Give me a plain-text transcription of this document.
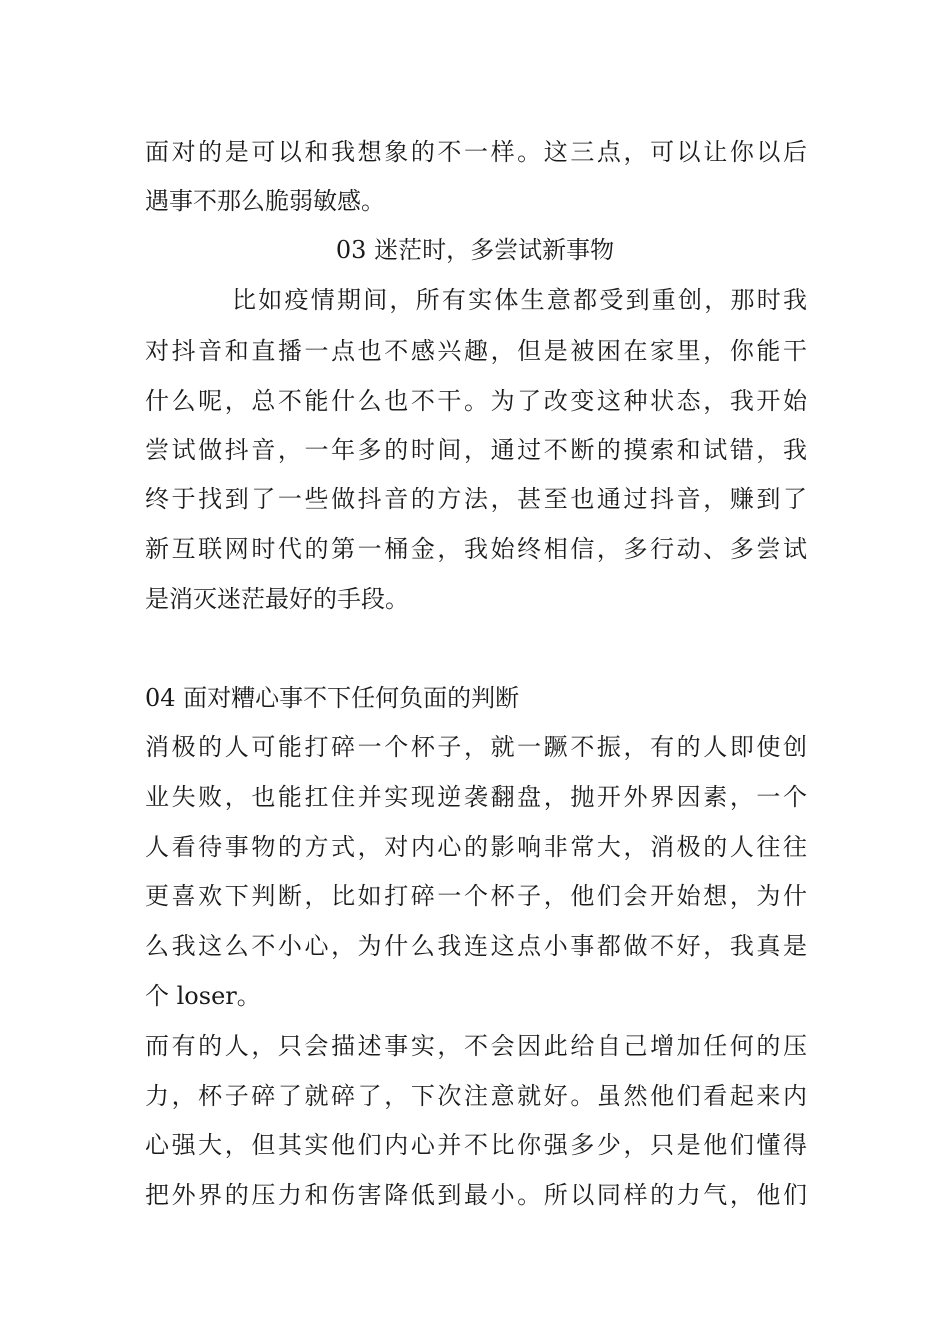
面对的是可以和我想象的不一样。这三点，可以让你以后
遇事不那么脆弱敏感。
03 迷茫时，多尝试新事物
比如疫情期间，所有实体生意都受到重创，那时我
对抖音和直播一点也不感兴趣，但是被困在家里，你能干
什么呢，总不能什么也不干。为了改变这种状态，我开始
尝试做抖音，一年多的时间，通过不断的摸索和试错，我
终于找到了一些做抖音的方法，甚至也通过抖音，赚到了
新互联网时代的第一桶金，我始终相信，多行动、多尝试
是消灭迷茫最好的手段。
04 面对糟心事不下任何负面的判断
消极的人可能打碎一个杯子，就一蹶不振，有的人即使创
业失败，也能扛住并实现逆袭翻盘，抛开外界因素，一个
人看待事物的方式，对内心的影响非常大，消极的人往往
更喜欢下判断，比如打碎一个杯子，他们会开始想，为什
么我这么不小心，为什么我连这点小事都做不好，我真是
个 loser。
而有的人，只会描述事实，不会因此给自己增加任何的压
力，杯子碎了就碎了，下次注意就好。虽然他们看起来内
心强大，但其实他们内心并不比你强多少，只是他们懂得
把外界的压力和伤害降低到最小。所以同样的力气，他们
